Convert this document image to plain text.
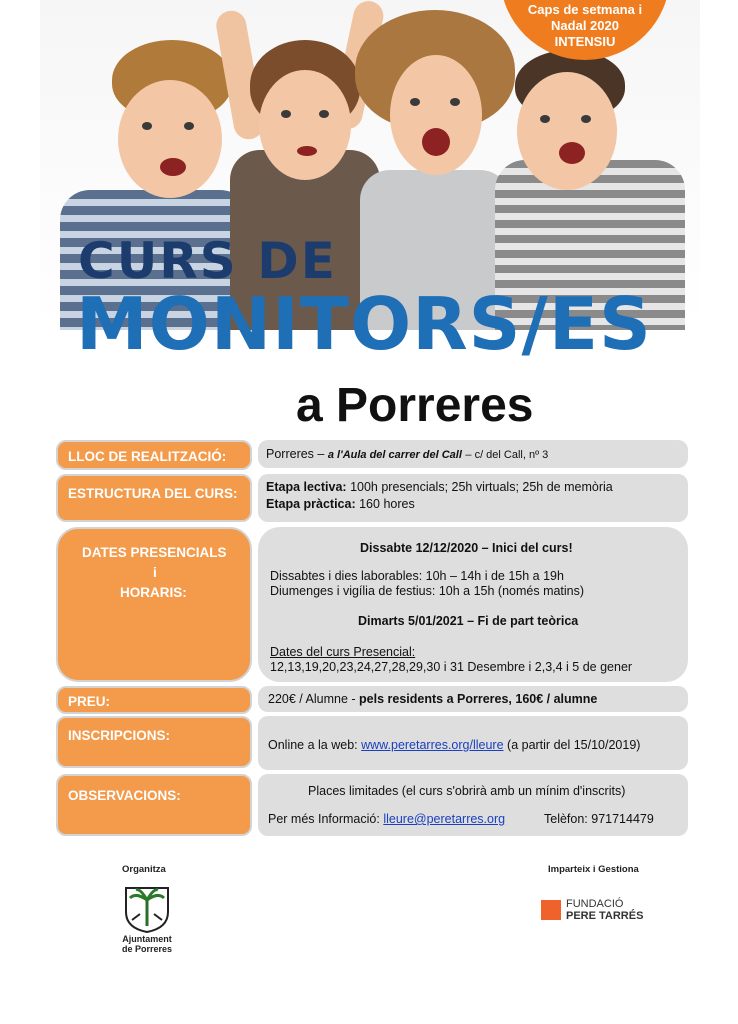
Caps de setmana i
Nadal 2020
INTENSIU
CURS DE
MONITORS/ES
a Porreres
LLOC DE REALITZACIÓ:	Porreres – a l'Aula del carrer del Call – c/ del Call, nº 3
ESTRUCTURA DEL CURS: Etapa lectiva: 100h presencials; 25h virtuals; 25h de memòria
Etapa pràctica: 160 hores
DATES PRESENCIALS
i
HORARIS:
Dissabte 12/12/2020 – Inici del curs!
Dissabtes i dies laborables: 10h – 14h i de 15h a 19h
Diumenges i vigília de festius: 10h a 15h (només matins)
Dimarts 5/01/2021 – Fi de part teòrica
Dates del curs Presencial:
12,13,19,20,23,24,27,28,29,30 i 31 Desembre i 2,3,4 i 5 de gener
PREU:	220€ / Alumne - pels residents a Porreres, 160€ / alumne
INSCRIPCIONS:
Online a la web: www.peretarres.org/lleure (a partir del 15/10/2019)
OBSERVACIONS:	Places limitades (el curs s'obrirà amb un mínim d'inscrits)
Per més Informació: lleure@peretarres.org	Telèfon: 971714479
Organitza
Ajuntament
de Porreres
Imparteix i Gestiona
FUNDACIÓ
PERE TARRÉS
